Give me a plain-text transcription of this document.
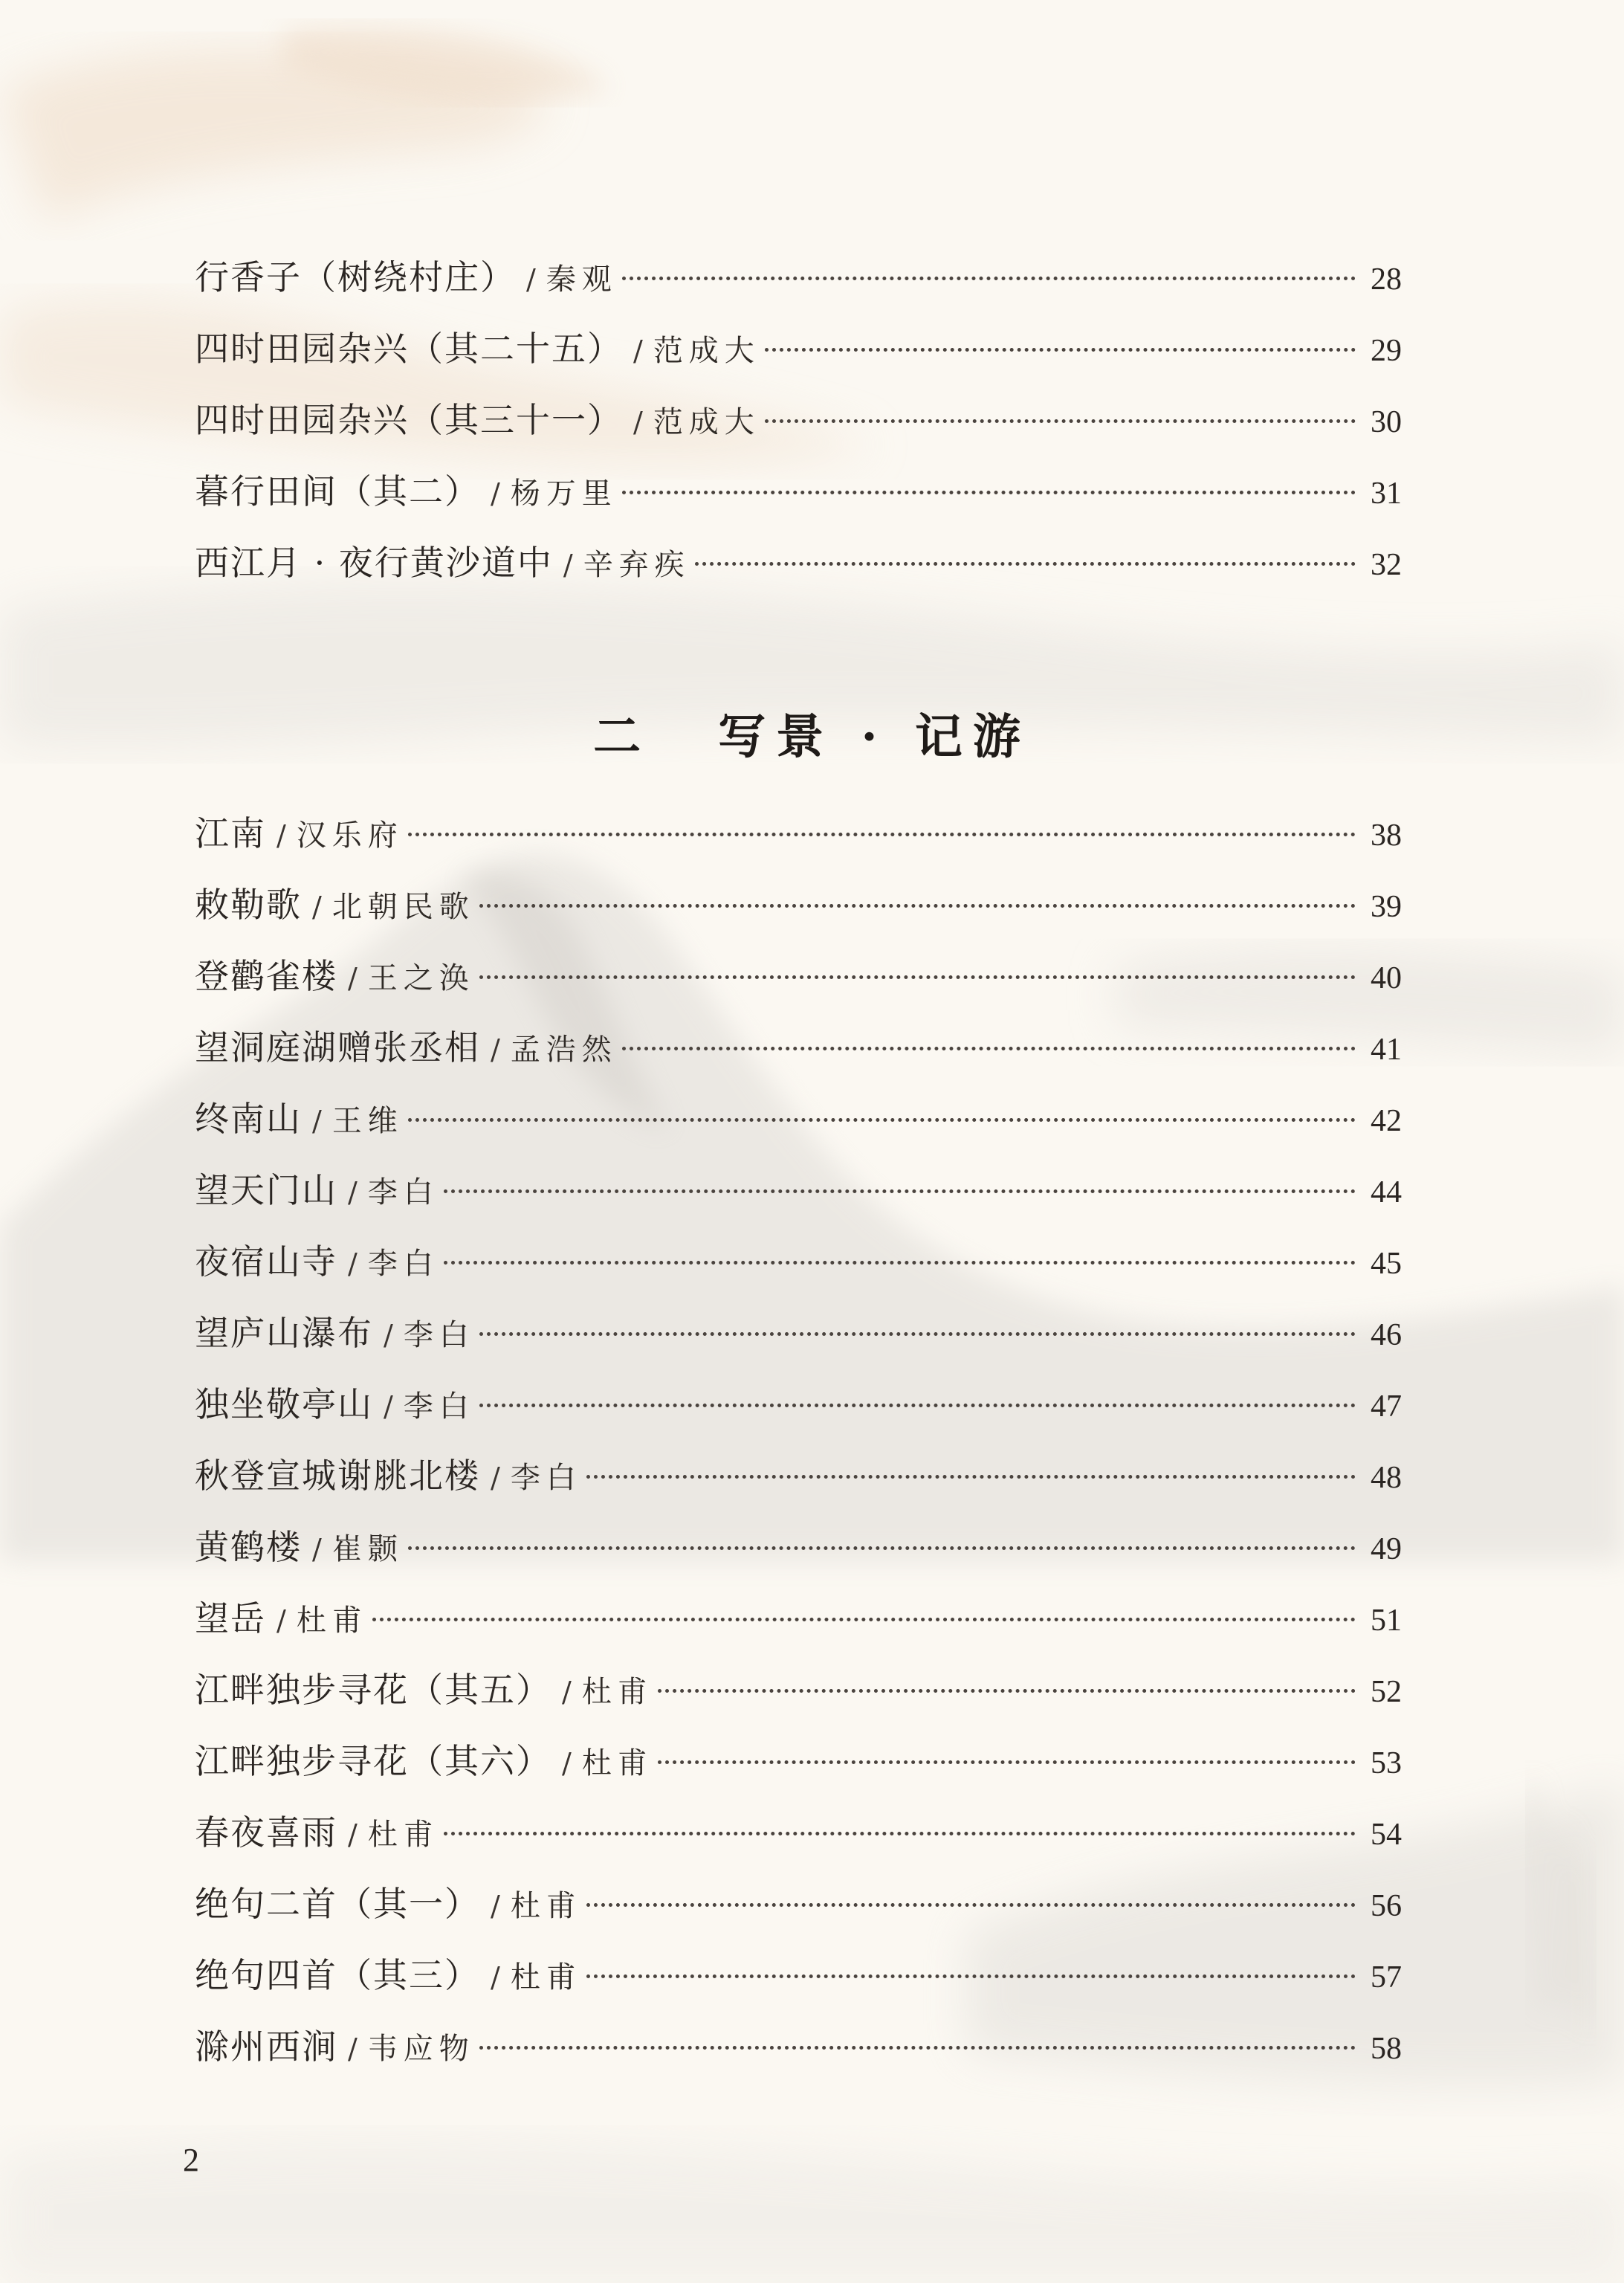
行香子（树绕村庄） / 秦观	28
四时田园杂兴（其二十五） / 范成大	29
四时田园杂兴（其三十一） / 范成大	30
暮行田间（其二） / 杨万里	31
西江月 · 夜行黄沙道中 / 辛弃疾	32
江南 / 汉乐府	38
敕勒歌 / 北朝民歌	39
登鹳雀楼 / 王之涣	40
望洞庭湖赠张丞相 / 孟浩然	41
终南山 / 王维	42
望天门山 / 李白	44
夜宿山寺 / 李白	45
望庐山瀑布 / 李白	46
独坐敬亭山 / 李白	47
秋登宣城谢脁北楼 / 李白	48
黄鹤楼 / 崔颢	49
望岳 / 杜甫	51
江畔独步寻花（其五） / 杜甫	52
江畔独步寻花（其六） / 杜甫	53
春夜喜雨 / 杜甫	54
绝句二首（其一） / 杜甫	56
绝句四首（其三） / 杜甫	57
滁州西涧 / 韦应物	58
二 写景 · 记游
2
